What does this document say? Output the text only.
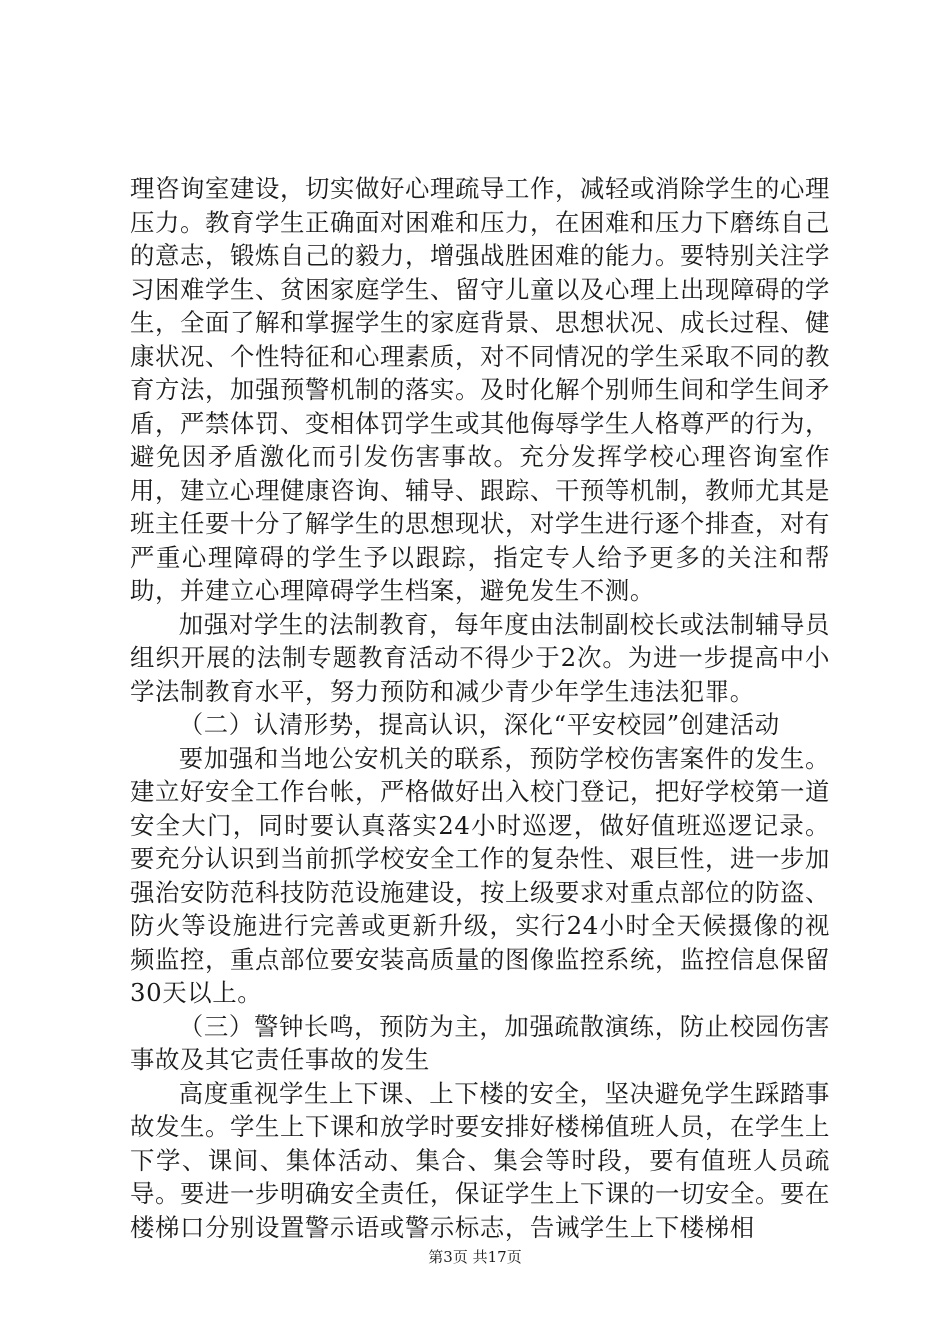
理咨询室建设，切实做好心理疏导工作，减轻或消除学生的心理压力。教育学生正确面对困难和压力，在困难和压力下磨练自己的意志，锻炼自己的毅力，增强战胜困难的能力。要特别关注学习困难学生、贫困家庭学生、留守儿童以及心理上出现障碍的学生，全面了解和掌握学生的家庭背景、思想状况、成长过程、健康状况、个性特征和心理素质，对不同情况的学生采取不同的教育方法，加强预警机制的落实。及时化解个别师生间和学生间矛盾，严禁体罚、变相体罚学生或其他侮辱学生人格尊严的行为，避免因矛盾激化而引发伤害事故。充分发挥学校心理咨询室作用，建立心理健康咨询、辅导、跟踪、干预等机制，教师尤其是班主任要十分了解学生的思想现状，对学生进行逐个排查，对有严重心理障碍的学生予以跟踪，指定专人给予更多的关注和帮助，并建立心理障碍学生档案，避免发生不测。

加强对学生的法制教育，每年度由法制副校长或法制辅导员组织开展的法制专题教育活动不得少于2次。为进一步提高中小学法制教育水平，努力预防和减少青少年学生违法犯罪。

（二）认清形势，提高认识，深化“平安校园”创建活动

要加强和当地公安机关的联系，预防学校伤害案件的发生。建立好安全工作台帐，严格做好出入校门登记，把好学校第一道安全大门，同时要认真落实24小时巡逻，做好值班巡逻记录。要充分认识到当前抓学校安全工作的复杂性、艰巨性，进一步加强治安防范科技防范设施建设，按上级要求对重点部位的防盗、防火等设施进行完善或更新升级，实行24小时全天候摄像的视频监控，重点部位要安装高质量的图像监控系统，监控信息保留30天以上。

（三）警钟长鸣，预防为主，加强疏散演练，防止校园伤害事故及其它责任事故的发生

高度重视学生上下课、上下楼的安全，坚决避免学生踩踏事故发生。学生上下课和放学时要安排好楼梯值班人员，在学生上下学、课间、集体活动、集合、集会等时段，要有值班人员疏导。要进一步明确安全责任，保证学生上下课的一切安全。要在楼梯口分别设置警示语或警示标志，告诫学生上下楼梯相

第3页 共17页
